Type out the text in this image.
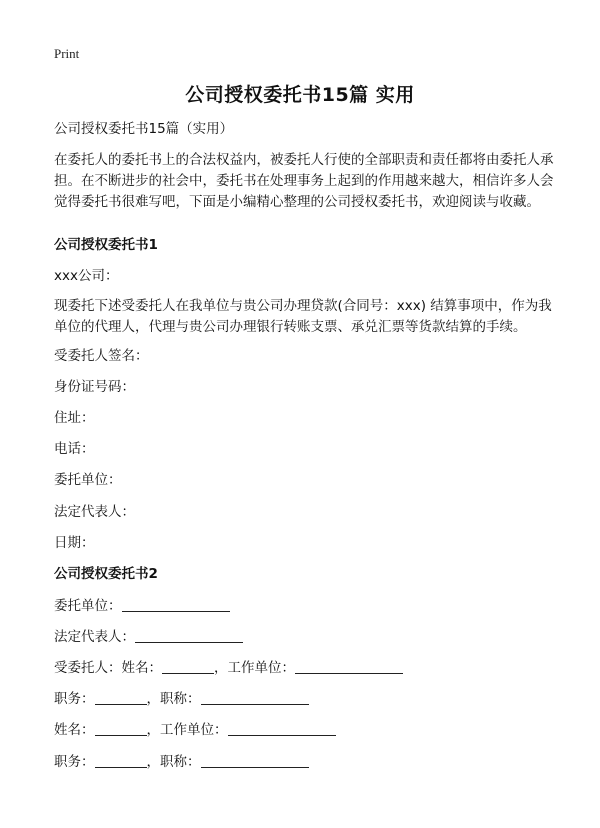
Print
公司授权委托书15篇 实用
公司授权委托书15篇（实用）
在委托人的委托书上的合法权益内，被委托人行使的全部职责和责任都将由委托人承担。在不断进步的社会中，委托书在处理事务上起到的作用越来越大，相信许多人会觉得委托书很难写吧，下面是小编精心整理的公司授权委托书，欢迎阅读与收藏。
公司授权委托书1
xxx公司：
现委托下述受委托人在我单位与贵公司办理贷款(合同号：xxx) 结算事项中，作为我单位的代理人，代理与贵公司办理银行转账支票、承兑汇票等货款结算的手续。
受委托人签名：
身份证号码：
住址：
电话：
委托单位：
法定代表人：
日期：
公司授权委托书2
委托单位：
法定代表人：
受委托人：姓名：	，工作单位：
职务：	，职称：
姓名：	，工作单位：
职务：	，职称：
